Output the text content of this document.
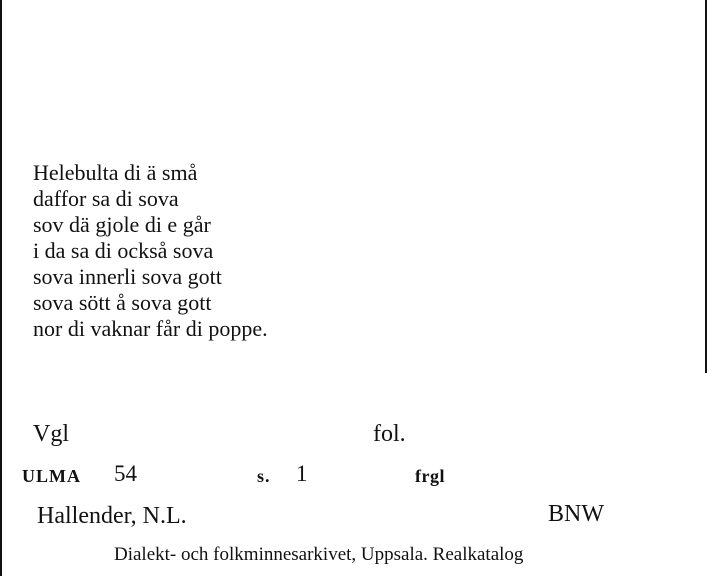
Helebulta di ä små
daffor sa di sova
sov dä gjole di e går
i da sa di också sova
sova innerli sova gott
sova sött å sova gott
nor di vaknar får di poppe.
Vgl	fol.
ULMA 54	s. 1	frgl
Hallender, N.L.	BNW
Dialekt- och folkminnesarkivet, Uppsala. Realkatalog
